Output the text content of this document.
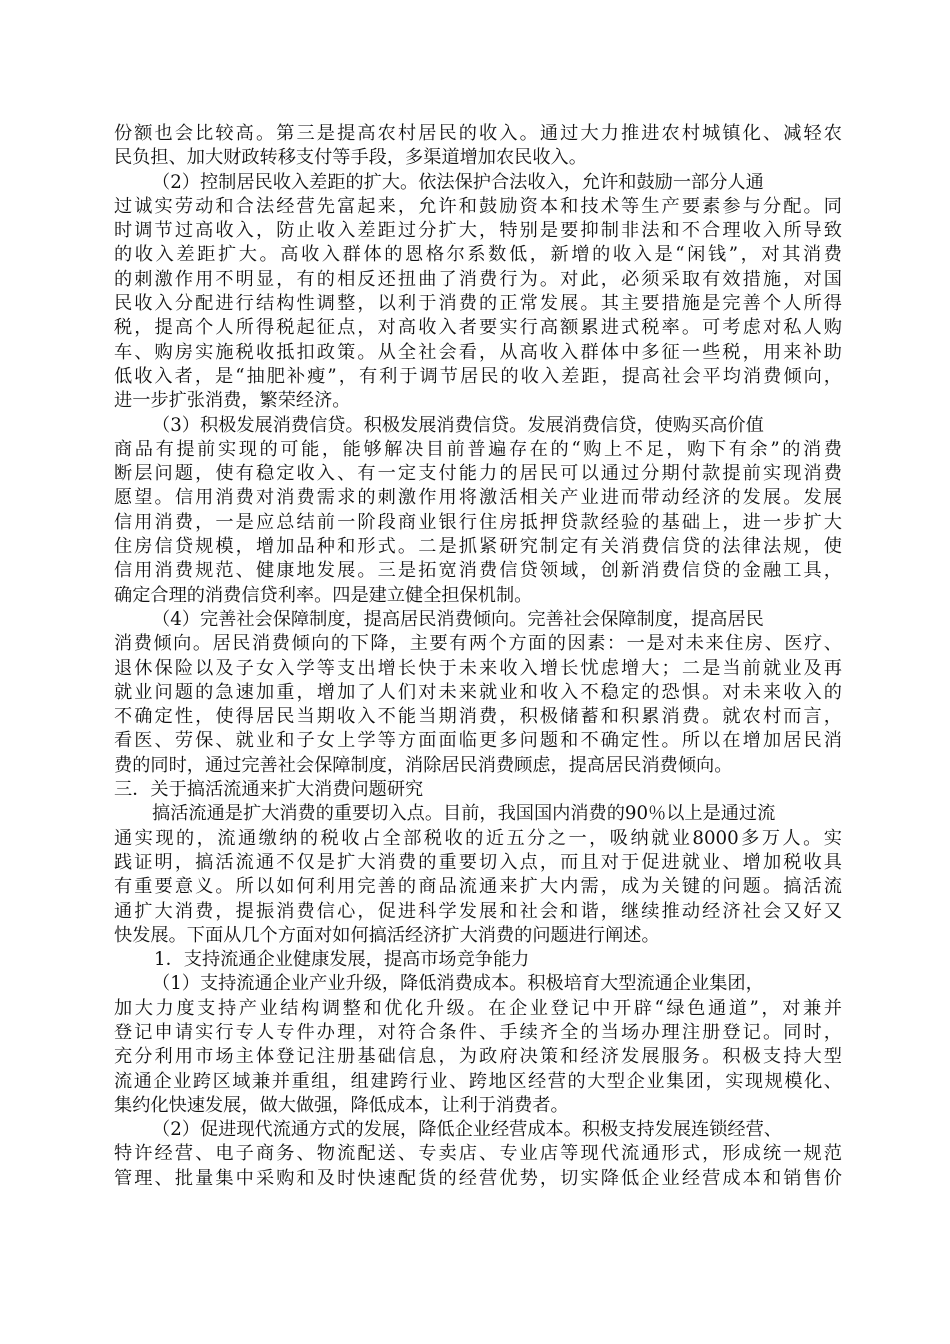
份额也会比较高。第三是提高农村居民的收入。通过大力推进农村城镇化、减轻农
民负担、加大财政转移支付等手段，多渠道增加农民收入。
（2）控制居民收入差距的扩大。依法保护合法收入，允许和鼓励一部分人通
过诚实劳动和合法经营先富起来，允许和鼓励资本和技术等生产要素参与分配。同
时调节过高收入，防止收入差距过分扩大，特别是要抑制非法和不合理收入所导致
的收入差距扩大。高收入群体的恩格尔系数低，新增的收入是“闲钱”，对其消费
的刺激作用不明显，有的相反还扭曲了消费行为。对此，必须采取有效措施，对国
民收入分配进行结构性调整，以利于消费的正常发展。其主要措施是完善个人所得
税，提高个人所得税起征点，对高收入者要实行高额累进式税率。可考虑对私人购
车、购房实施税收抵扣政策。从全社会看，从高收入群体中多征一些税，用来补助
低收入者，是“抽肥补瘦”，有利于调节居民的收入差距，提高社会平均消费倾向，
进一步扩张消费，繁荣经济。
（3）积极发展消费信贷。积极发展消费信贷。发展消费信贷，使购买高价值
商品有提前实现的可能，能够解决目前普遍存在的“购上不足，购下有余”的消费
断层问题，使有稳定收入、有一定支付能力的居民可以通过分期付款提前实现消费
愿望。信用消费对消费需求的刺激作用将激活相关产业进而带动经济的发展。发展
信用消费，一是应总结前一阶段商业银行住房抵押贷款经验的基础上，进一步扩大
住房信贷规模，增加品种和形式。二是抓紧研究制定有关消费信贷的法律法规，使
信用消费规范、健康地发展。三是拓宽消费信贷领域，创新消费信贷的金融工具，
确定合理的消费信贷利率。四是建立健全担保机制。
（4）完善社会保障制度，提高居民消费倾向。完善社会保障制度，提高居民
消费倾向。居民消费倾向的下降，主要有两个方面的因素：一是对未来住房、医疗、
退休保险以及子女入学等支出增长快于未来收入增长忧虑增大；二是当前就业及再
就业问题的急速加重，增加了人们对未来就业和收入不稳定的恐惧。对未来收入的
不确定性，使得居民当期收入不能当期消费，积极储蓄和积累消费。就农村而言，
看医、劳保、就业和子女上学等方面面临更多问题和不确定性。所以在增加居民消
费的同时，通过完善社会保障制度，消除居民消费顾虑，提高居民消费倾向。
三．关于搞活流通来扩大消费问题研究
搞活流通是扩大消费的重要切入点。目前，我国国内消费的90％以上是通过流
通实现的，流通缴纳的税收占全部税收的近五分之一，吸纳就业8000多万人。实
践证明，搞活流通不仅是扩大消费的重要切入点，而且对于促进就业、增加税收具
有重要意义。所以如何利用完善的商品流通来扩大内需，成为关键的问题。搞活流
通扩大消费，提振消费信心，促进科学发展和社会和谐，继续推动经济社会又好又
快发展。下面从几个方面对如何搞活经济扩大消费的问题进行阐述。
1．支持流通企业健康发展，提高市场竞争能力
（1）支持流通企业产业升级，降低消费成本。积极培育大型流通企业集团，
加大力度支持产业结构调整和优化升级。在企业登记中开辟“绿色通道”，对兼并
登记申请实行专人专件办理，对符合条件、手续齐全的当场办理注册登记。同时，
充分利用市场主体登记注册基础信息，为政府决策和经济发展服务。积极支持大型
流通企业跨区域兼并重组，组建跨行业、跨地区经营的大型企业集团，实现规模化、
集约化快速发展，做大做强，降低成本，让利于消费者。
（2）促进现代流通方式的发展，降低企业经营成本。积极支持发展连锁经营、
特许经营、电子商务、物流配送、专卖店、专业店等现代流通形式，形成统一规范
管理、批量集中采购和及时快速配货的经营优势，切实降低企业经营成本和销售价
